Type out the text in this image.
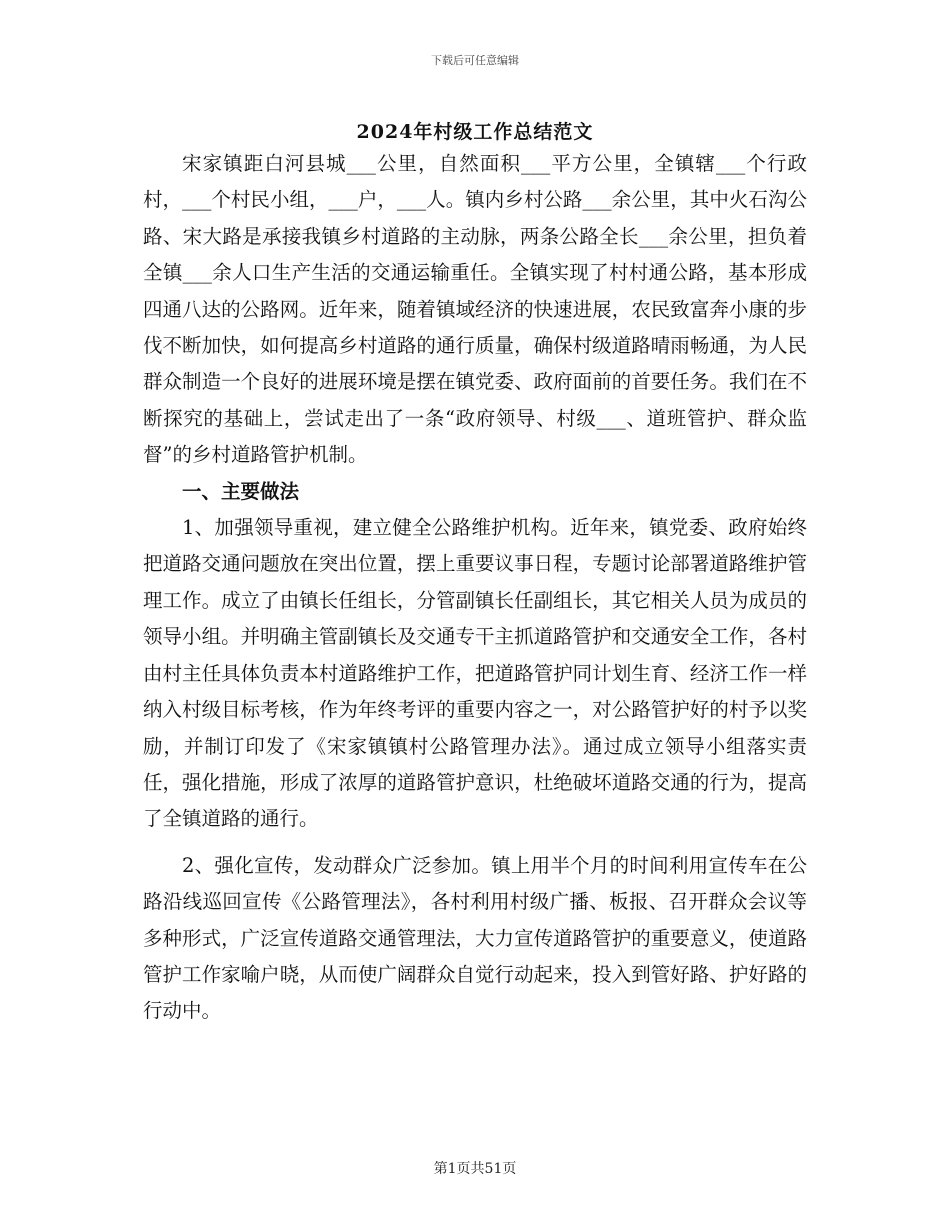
下载后可任意编辑
2024年村级工作总结范文

宋家镇距白河县城___公里，自然面积___平方公里，全镇辖___个行政村，___个村民小组，___户，___人。镇内乡村公路___余公里，其中火石沟公路、宋大路是承接我镇乡村道路的主动脉，两条公路全长___余公里，担负着全镇___余人口生产生活的交通运输重任。全镇实现了村村通公路，基本形成四通八达的公路网。近年来，随着镇域经济的快速进展，农民致富奔小康的步伐不断加快，如何提高乡村道路的通行质量，确保村级道路晴雨畅通，为人民群众制造一个良好的进展环境是摆在镇党委、政府面前的首要任务。我们在不断探究的基础上，尝试走出了一条“政府领导、村级___、道班管护、群众监督”的乡村道路管护机制。

一、主要做法

1、加强领导重视，建立健全公路维护机构。近年来，镇党委、政府始终把道路交通问题放在突出位置，摆上重要议事日程，专题讨论部署道路维护管理工作。成立了由镇长任组长，分管副镇长任副组长，其它相关人员为成员的领导小组。并明确主管副镇长及交通专干主抓道路管护和交通安全工作，各村由村主任具体负责本村道路维护工作，把道路管护同计划生育、经济工作一样纳入村级目标考核，作为年终考评的重要内容之一，对公路管护好的村予以奖励，并制订印发了《宋家镇镇村公路管理办法》。通过成立领导小组落实责任，强化措施，形成了浓厚的道路管护意识，杜绝破坏道路交通的行为，提高了全镇道路的通行。

2、强化宣传，发动群众广泛参加。镇上用半个月的时间利用宣传车在公路沿线巡回宣传《公路管理法》，各村利用村级广播、板报、召开群众会议等多种形式，广泛宣传道路交通管理法，大力宣传道路管护的重要意义，使道路管护工作家喻户晓，从而使广阔群众自觉行动起来，投入到管好路、护好路的行动中。

第1页共51页
